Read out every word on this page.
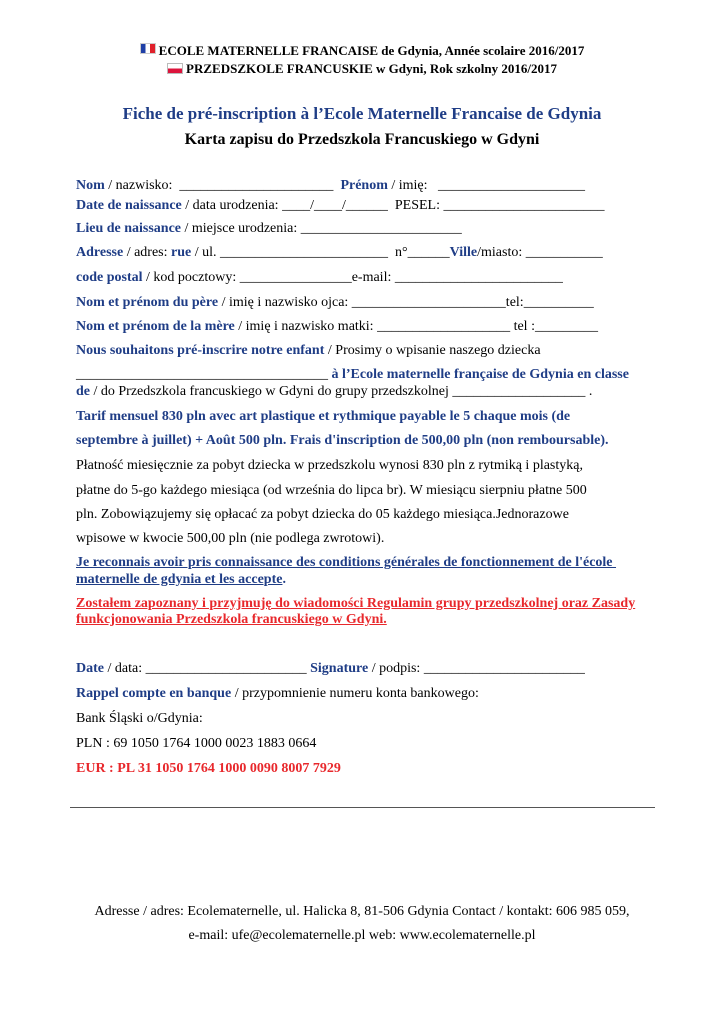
ECOLE MATERNELLE FRANCAISE de Gdynia, Année scolaire 2016/2017
PRZEDSZKOLE FRANCUSKIE w Gdyni, Rok szkolny 2016/2017
Fiche de pré-inscription à l’Ecole Maternelle Francaise de Gdynia
Karta zapisu do Przedszkola Francuskiego w Gdyni
Nom / nazwisko:  ______________________  Prénom / imię:   _____________________
Date de naissance / data urodzenia: ____/____/______  PESEL: _______________________
Lieu de naissance / miejsce urodzenia: _______________________
Adresse / adres: rue / ul. ________________________  n°______Ville/miasto: ___________
code postal / kod pocztowy: ________________e-mail: ________________________
Nom et prénom du père / imię i nazwisko ojca: ______________________tel:__________
Nom et prénom de la mère / imię i nazwisko matki: ___________________ tel :_________
Nous souhaitons pré-inscrire notre enfant / Prosimy o wpisanie naszego dziecka
____________________________________ à l’Ecole maternelle française de Gdynia en classe
de / do Przedszkola francuskiego w Gdyni do grupy przedszkolnej ___________________ .
Tarif mensuel 830 pln avec art plastique et rythmique payable le 5 chaque mois (de
septembre à juillet) + Août 500 pln. Frais d'inscription de 500,00 pln (non remboursable).
Płatność miesięcznie za pobyt dziecka w przedszkolu wynosi 830 pln z rytmiką i plastyką,
płatne do 5-go każdego miesiąca (od września do lipca br). W miesiącu sierpniu płatne 500
pln. Zobowiązujemy się opłacać za pobyt dziecka do 05 każdego miesiąca.Jednorazowe
wpisowe w kwocie 500,00 pln (nie podlega zwrotowi).
Je reconnais avoir pris connaissance des conditions générales de fonctionnement de l'école
maternelle de gdynia et les accepte.
Zostałem zapoznany i przyjmuję do wiadomości Regulamin grupy przedszkolnej oraz Zasady
funkcjonowania Przedszkola francuskiego w Gdyni.
Date / data: _______________________ Signature / podpis: _______________________
Rappel compte en banque / przypomnienie numeru konta bankowego:
Bank Śląski o/Gdynia:
PLN : 69 1050 1764 1000 0023 1883 0664
EUR : PL 31 1050 1764 1000 0090 8007 7929
Adresse / adres: Ecolematernelle, ul. Halicka 8, 81-506 Gdynia Contact / kontakt: 606 985 059,
e-mail: ufe@ecolematernelle.pl web: www.ecolematernelle.pl
